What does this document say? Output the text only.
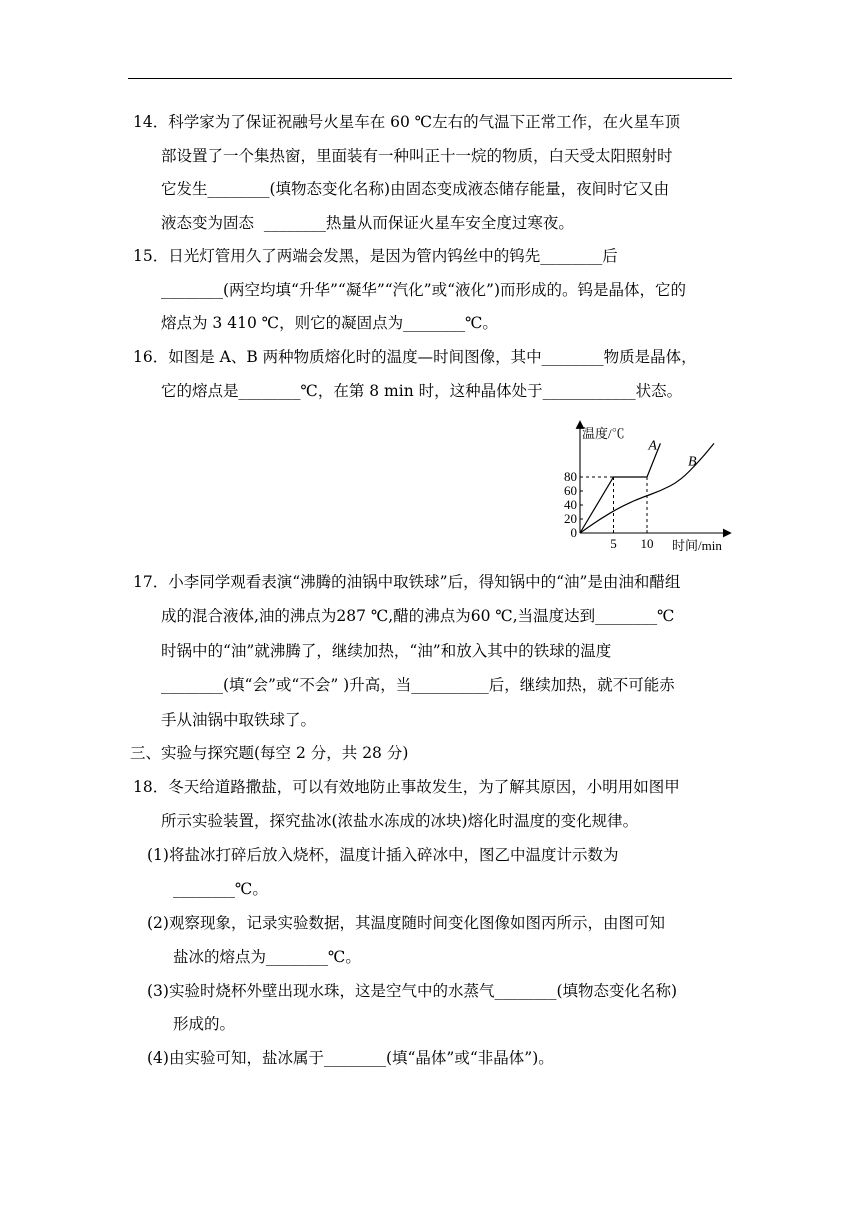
14．科学家为了保证祝融号火星车在 60 ℃左右的气温下正常工作，在火星车顶
部设置了一个集热窗，里面装有一种叫正十一烷的物质，白天受太阳照射时
它发生________(填物态变化名称)由固态变成液态储存能量，夜间时它又由
液态变为固态  ________热量从而保证火星车安全度过寒夜。
15．日光灯管用久了两端会发黑，是因为管内钨丝中的钨先________后
________(两空均填“升华”“凝华”“汽化”或“液化”)而形成的。钨是晶体，它的
熔点为 3 410 ℃，则它的凝固点为________℃。
16．如图是 A、B 两种物质熔化时的温度—时间图像，其中________物质是晶体，
它的熔点是________℃，在第 8 min 时，这种晶体处于____________状态。
A
B
0
20
40
60
80
5 10
温度/℃
时间/min
17．小李同学观看表演“沸腾的油锅中取铁球”后，得知锅中的“油”是由油和醋组
成的混合液体,油的沸点为287 ℃,醋的沸点为60 ℃,当温度达到________℃
时锅中的“油”就沸腾了，继续加热，“油”和放入其中的铁球的温度
________(填“会”或“不会” )升高，当__________后，继续加热，就不可能赤
手从油锅中取铁球了。
三、实验与探究题(每空 2 分，共 28 分)
18．冬天给道路撒盐，可以有效地防止事故发生，为了解其原因，小明用如图甲
所示实验装置，探究盐冰(浓盐水冻成的冰块)熔化时温度的变化规律。
(1)将盐冰打碎后放入烧杯，温度计插入碎冰中，图乙中温度计示数为
________℃。
(2)观察现象，记录实验数据，其温度随时间变化图像如图丙所示，由图可知
盐冰的熔点为________℃。
(3)实验时烧杯外壁出现水珠，这是空气中的水蒸气________(填物态变化名称)
形成的。
(4)由实验可知，盐冰属于________(填“晶体”或“非晶体”)。
